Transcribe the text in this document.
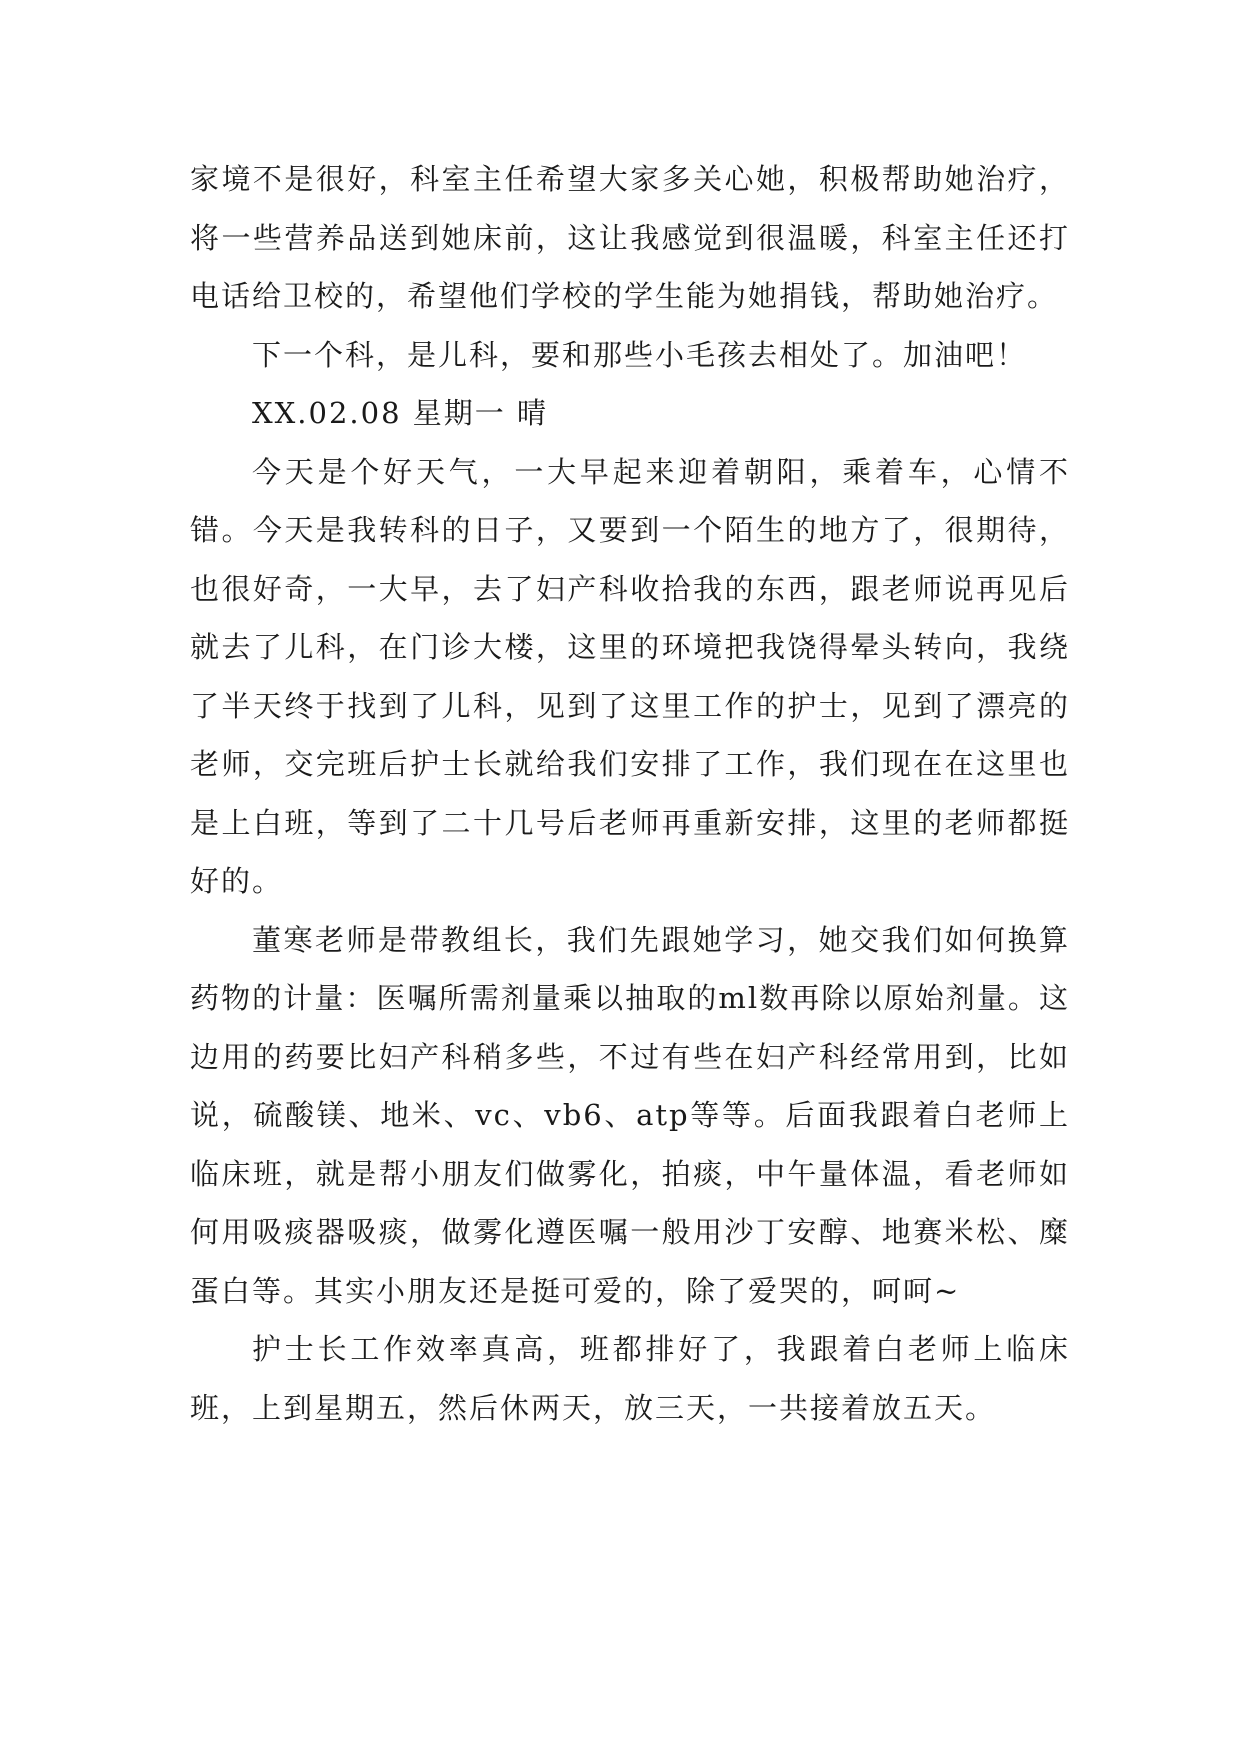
家境不是很好，科室主任希望大家多关心她，积极帮助她治疗，将一些营养品送到她床前，这让我感觉到很温暖，科室主任还打电话给卫校的，希望他们学校的学生能为她捐钱，帮助她治疗。

下一个科，是儿科，要和那些小毛孩去相处了。加油吧！

XX.02.08 星期一 晴

今天是个好天气，一大早起来迎着朝阳，乘着车，心情不错。今天是我转科的日子，又要到一个陌生的地方了，很期待，也很好奇，一大早，去了妇产科收拾我的东西，跟老师说再见后就去了儿科，在门诊大楼，这里的环境把我饶得晕头转向，我绕了半天终于找到了儿科，见到了这里工作的护士，见到了漂亮的老师，交完班后护士长就给我们安排了工作，我们现在在这里也是上白班，等到了二十几号后老师再重新安排，这里的老师都挺好的。

董寒老师是带教组长，我们先跟她学习，她交我们如何换算药物的计量：医嘱所需剂量乘以抽取的ml数再除以原始剂量。这边用的药要比妇产科稍多些，不过有些在妇产科经常用到，比如说，硫酸镁、地米、vc、vb6、atp等等。后面我跟着白老师上临床班，就是帮小朋友们做雾化，拍痰，中午量体温，看老师如何用吸痰器吸痰，做雾化遵医嘱一般用沙丁安醇、地赛米松、糜蛋白等。其实小朋友还是挺可爱的，除了爱哭的，呵呵~

护士长工作效率真高，班都排好了，我跟着白老师上临床班，上到星期五，然后休两天，放三天，一共接着放五天。
